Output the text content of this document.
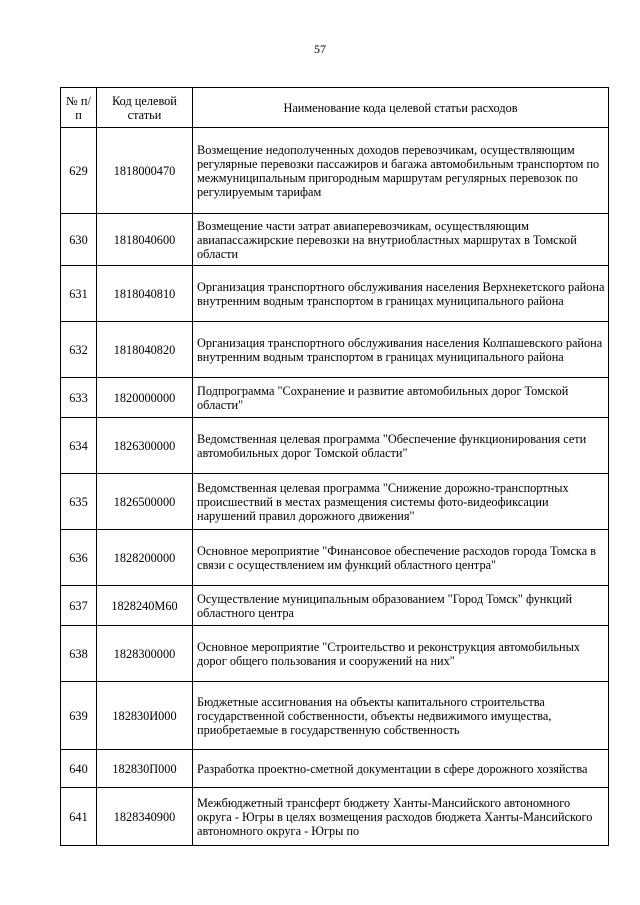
57
№ п/п	Код целевой статьи	Наименование кода целевой статьи расходов
629	1818000470	Возмещение недополученных доходов перевозчикам, осуществляющим регулярные перевозки пассажиров и багажа автомобильным транспортом по межмуниципальным пригородным маршрутам регулярных перевозок по регулируемым тарифам
630	1818040600	Возмещение части затрат авиаперевозчикам, осуществляющим авиапассажирские перевозки на внутриобластных маршрутах в Томской области
631	1818040810	Организация транспортного обслуживания населения Верхнекетского района внутренним водным транспортом в границах муниципального района
632	1818040820	Организация транспортного обслуживания населения Колпашевского района внутренним водным транспортом в границах муниципального района
633	1820000000	Подпрограмма "Сохранение и развитие автомобильных дорог Томской области"
634	1826300000	Ведомственная целевая программа "Обеспечение функционирования сети автомобильных дорог Томской области"
635	1826500000	Ведомственная целевая программа "Снижение дорожно-транспортных происшествий в местах размещения системы фото-видеофиксации нарушений правил дорожного движения"
636	1828200000	Основное мероприятие "Финансовое обеспечение расходов города Томска в связи с осуществлением им функций областного центра"
637	1828240М60	Осуществление муниципальным образованием "Город Томск" функций областного центра
638	1828300000	Основное мероприятие "Строительство и реконструкция автомобильных дорог общего пользования и сооружений на них"
639	182830И000	Бюджетные ассигнования на объекты капитального строительства государственной собственности, объекты недвижимого имущества, приобретаемые в государственную собственность
640	182830П000	Разработка проектно-сметной документации в сфере дорожного хозяйства
641	1828340900	Межбюджетный трансферт бюджету Ханты-Мансийского автономного округа - Югры в целях возмещения расходов бюджета Ханты-Мансийского автономного округа - Югры по
